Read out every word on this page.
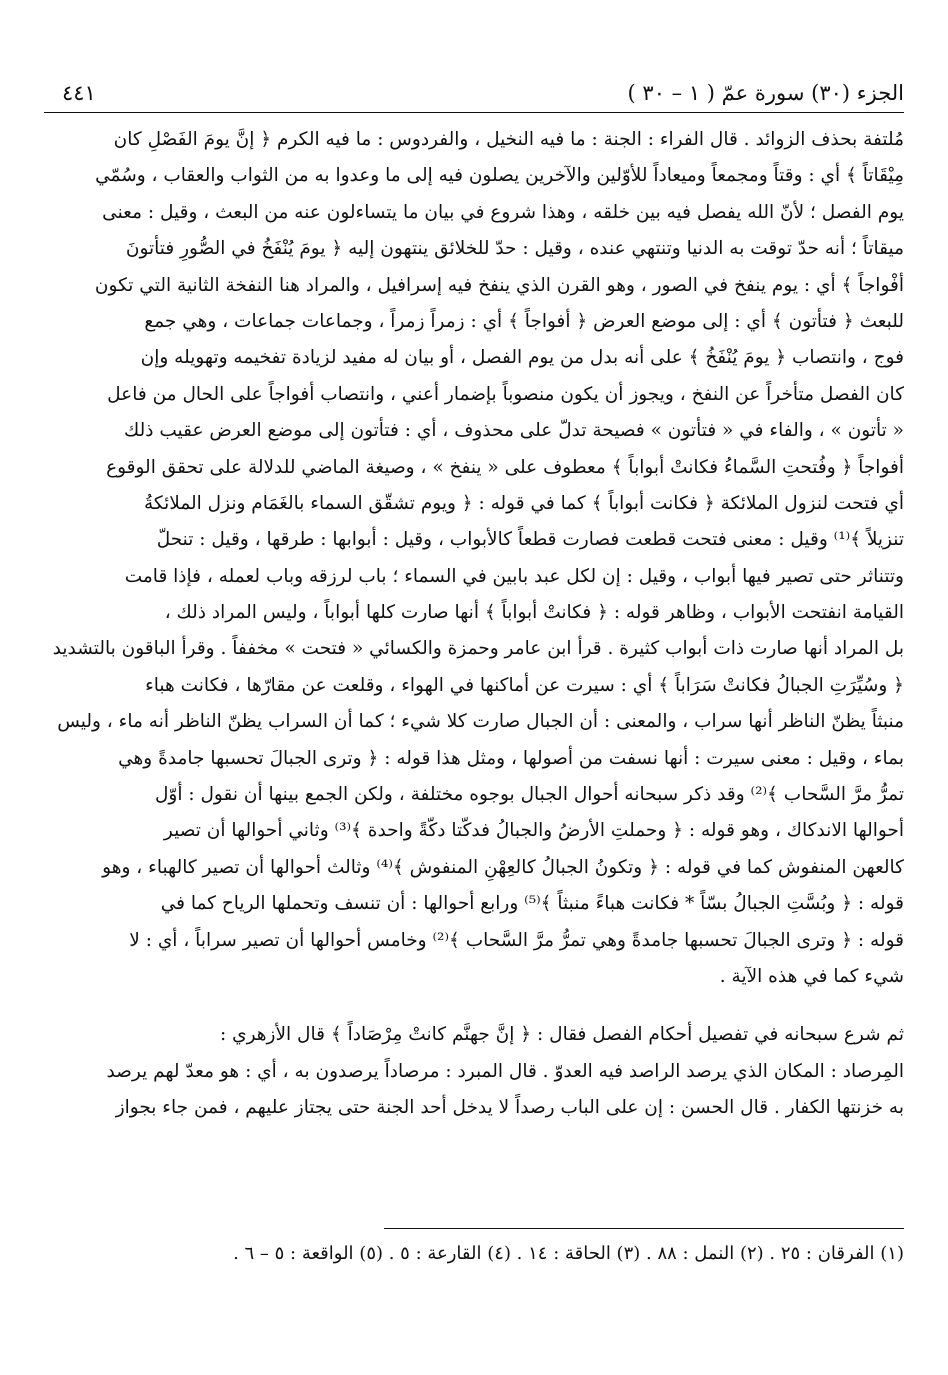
الجزء (٣٠) سورة عمّ ( ١ – ٣٠ )
٤٤١
مُلتفة بحذف الزوائد . قال الفراء : الجنة : ما فيه النخيل ، والفردوس : ما فيه الكرم ﴿ إنَّ يومَ الفَصْلِ كان
مِيْقَاتاً ﴾ أي : وقتاً ومجمعاً وميعاداً للأوّلين والآخرين يصلون فيه إلى ما وعدوا به من الثواب والعقاب ، وسُمّي
يوم الفصل ؛ لأنّ الله يفصل فيه بين خلقه ، وهذا شروع في بيان ما يتساءلون عنه من البعث ، وقيل : معنى
ميقاتاً ؛ أنه حدّ توقت به الدنيا وتنتهي عنده ، وقيل : حدّ للخلائق ينتهون إليه ﴿ يومَ يُنْفَخُ في الصُّورِ فتأتونَ
أفْواجاً ﴾ أي : يوم ينفخ في الصور ، وهو القرن الذي ينفخ فيه إسرافيل ، والمراد هنا النفخة الثانية التي تكون
للبعث ﴿ فتأتون ﴾ أي : إلى موضع العرض ﴿ أفواجاً ﴾ أي : زمراً زمراً ، وجماعات جماعات ، وهي جمع
فوج ، وانتصاب ﴿ يومَ يُنْفَخُ ﴾ على أنه بدل من يوم الفصل ، أو بيان له مفيد لزيادة تفخيمه وتهويله وإن
كان الفصل متأخراً عن النفخ ، ويجوز أن يكون منصوباً بإضمار أعني ، وانتصاب أفواجاً على الحال من فاعل
« تأتون » ، والفاء في « فتأتون » فصيحة تدلّ على محذوف ، أي : فتأتون إلى موضع العرض عقيب ذلك
أفواجاً ﴿ وفُتحتِ السَّماءُ فكانتْ أبواباً ﴾ معطوف على « ينفخ » ، وصيغة الماضي للدلالة على تحقق الوقوع
أي فتحت لنزول الملائكة ﴿ فكانت أبواباً ﴾ كما في قوله : ﴿ ويوم تشقّق السماء بالغَمَام ونزل الملائكةُ
تنزيلاً ﴾⁽¹⁾ وقيل : معنى فتحت قطعت فصارت قطعاً كالأبواب ، وقيل : أبوابها : طرقها ، وقيل : تنحلّ
وتتناثر حتى تصير فيها أبواب ، وقيل : إن لكل عبد بابين في السماء ؛ باب لرزقه وباب لعمله ، فإذا قامت
القيامة انفتحت الأبواب ، وظاهر قوله : ﴿ فكانتْ أبواباً ﴾ أنها صارت كلها أبواباً ، وليس المراد ذلك ،
بل المراد أنها صارت ذات أبواب كثيرة . قرأ ابن عامر وحمزة والكسائي « فتحت » مخففاً . وقرأ الباقون بالتشديد
﴿ وسُيِّرَتِ الجبالُ فكانتْ سَرَاباً ﴾ أي : سيرت عن أماكنها في الهواء ، وقلعت عن مقارّها ، فكانت هباء
منبثاً يظنّ الناظر أنها سراب ، والمعنى : أن الجبال صارت كلا شيء ؛ كما أن السراب يظنّ الناظر أنه ماء ، وليس
بماء ، وقيل : معنى سيرت : أنها نسفت من أصولها ، ومثل هذا قوله : ﴿ وترى الجبالَ تحسبها جامدةً وهي
تمرُّ مرَّ السَّحاب ﴾⁽²⁾ وقد ذكر سبحانه أحوال الجبال بوجوه مختلفة ، ولكن الجمع بينها أن نقول : أوّل
أحوالها الاندكاك ، وهو قوله : ﴿ وحملتِ الأرضُ والجبالُ فدكّتا دكّةً واحدة ﴾⁽³⁾ وثاني أحوالها أن تصير
كالعهن المنفوش كما في قوله : ﴿ وتكونُ الجبالُ كالعِهْنِ المنفوش ﴾⁽⁴⁾ وثالث أحوالها أن تصير كالهباء ، وهو
قوله : ﴿ وبُسَّتِ الجبالُ بسّاً * فكانت هباءً منبثاً ﴾⁽⁵⁾ ورابع أحوالها : أن تنسف وتحملها الرياح كما في
قوله : ﴿ وترى الجبالَ تحسبها جامدةً وهي تمرُّ مرَّ السَّحاب ﴾⁽²⁾ وخامس أحوالها أن تصير سراباً ، أي : لا
شيء كما في هذه الآية .
ثم شرع سبحانه في تفصيل أحكام الفصل فقال : ﴿ إنَّ جهنَّم كانتْ مِرْصَاداً ﴾ قال الأزهري :
المِرصاد : المكان الذي يرصد الراصد فيه العدوّ . قال المبرد : مرصاداً يرصدون به ، أي : هو معدّ لهم يرصد
به خزنتها الكفار . قال الحسن : إن على الباب رصداً لا يدخل أحد الجنة حتى يجتاز عليهم ، فمن جاء بجواز
(١) الفرقان : ٢٥ . (٢) النمل : ٨٨ . (٣) الحاقة : ١٤ . (٤) القارعة : ٥ . (٥) الواقعة : ٥ – ٦ .
